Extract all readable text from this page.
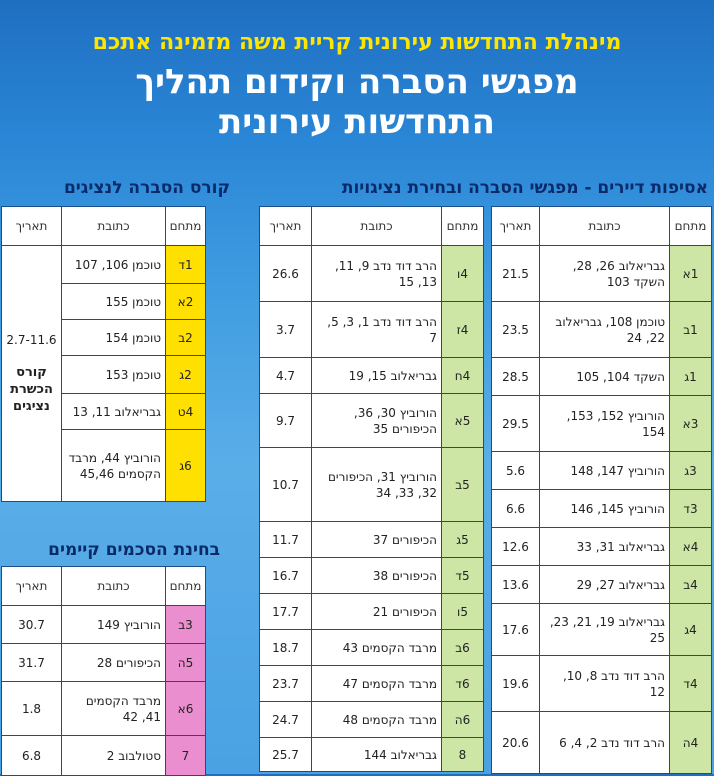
מינהלת התחדשות עירונית קריית משה מזמינה אתכם
מפגשי הסברה וקידום תהליך
התחדשות עירונית
אסיפות דיירים - מפגשי הסברה ובחירת נציגויות
מתחם	כתובת	תאריך
1א	גבריאלוב 26, 28, השקד 103	21.5
1ב	טוכמן 108, גבריאלוב 22, 24	23.5
1ג	השקד 104, 105	28.5
3א	הורוביץ 152, 153, 154	29.5
3ג	הורוביץ 147, 148	5.6
3ד	הורוביץ 145, 146	6.6
4א	גבריאלוב 31, 33	12.6
4ב	גבריאלוב 27, 29	13.6
4ג	גבריאלוב 19, 21, 23, 25	17.6
4ד	הרב דוד נדב 8, 10, 12	19.6
4ה	הרב דוד נדב 2, 4, 6	20.6
מתחם	כתובת	תאריך
4ו	הרב דוד נדב 9, 11, 13, 15	26.6
4ז	הרב דוד נדב 1, 3, 5, 7	3.7
4ח	גבריאלוב 15, 19	4.7
5א	הורוביץ 30, 36, הכיפורים 35	9.7
5ב	הורוביץ 31, הכיפורים 32, 33, 34	10.7
5ג	הכיפורים 37	11.7
5ד	הכיפורים 38	16.7
5ו	הכיפורים 21	17.7
6ב	מרבד הקסמים 43	18.7
6ד	מרבד הקסמים 47	23.7
6ה	מרבד הקסמים 48	24.7
8	גבריאלוב 144	25.7
קורס הסברה לנציגים
מתחם	כתובת	תאריך
1ד	טוכמן 106, 107	2.7-11.6

קורס הכשרת נציגים

2א	טוכמן 155	
2ב	טוכמן 154	
2ג	טוכמן 153	
4ט	גבריאלוב 11, 13	
6ג	הורוביץ 44, מרבד הקסמים 45,46	
בחינת הסכמים קיימים
מתחם	כתובת	תאריך
3ב	הורוביץ 149	30.7
5ה	הכיפורים 28	31.7
6א	מרבד הקסמים 41, 42	1.8
7	סטולבוב 2	6.8
